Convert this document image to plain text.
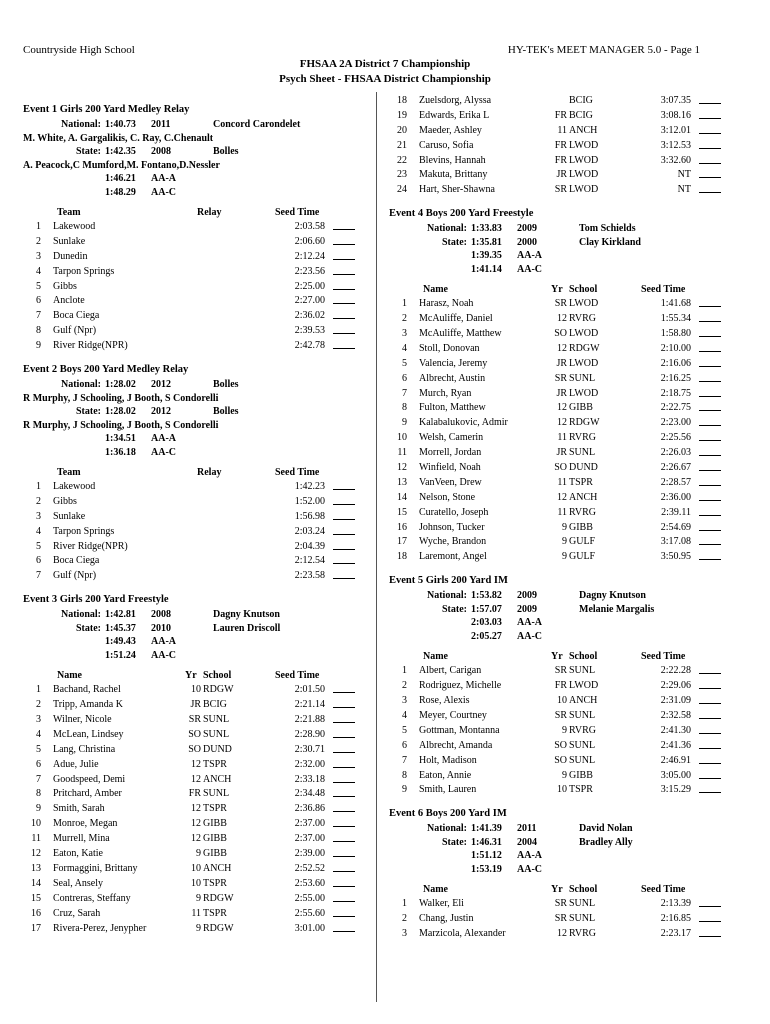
Countryside High School	HY-TEK's MEET MANAGER 5.0 - Page 1
FHSAA 2A District 7 Championship
Psych Sheet - FHSAA District Championship
Event 1 Girls 200 Yard Medley Relay
National: 1:40.73 2011	Concord Carondelet
M. White, A. Gargalikis, C. Ray, C.Chenault
State: 1:42.35 2008	Bolles
A. Peacock,C Mumford,M. Fontano,D.Nessler
1:46.21 AA-A
1:48.29 AA-C
Team	Relay	Seed Time
1 Lakewood	2:03.58
2 Sunlake	2:06.60
3 Dunedin	2:12.24
4 Tarpon Springs	2:23.56
5 Gibbs	2:25.00
6 Anclote	2:27.00
7 Boca Ciega	2:36.02
8 Gulf (Npr)	2:39.53
9 River Ridge(NPR)	2:42.78
Event 2 Boys 200 Yard Medley Relay
National: 1:28.02 2012	Bolles
R Murphy, J Schooling, J Booth, S Condorelli
State: 1:28.02 2012	Bolles
R Murphy, J Schooling, J Booth, S Condorelli
1:34.51 AA-A
1:36.18 AA-C
Team	Relay	Seed Time
1 Lakewood	1:42.23
2 Gibbs	1:52.00
3 Sunlake	1:56.98
4 Tarpon Springs	2:03.24
5 River Ridge(NPR)	2:04.39
6 Boca Ciega	2:12.54
7 Gulf (Npr)	2:23.58
Event 3 Girls 200 Yard Freestyle
National: 1:42.81 2008	Dagny Knutson
State: 1:45.37 2010	Lauren Driscoll
1:49.43 AA-A
1:51.24 AA-C
Name	Yr School	Seed Time
1 Bachand, Rachel	10 RDGW	2:01.50
2 Tripp, Amanda K	JR BCIG	2:21.14
3 Wilner, Nicole	SR SUNL	2:21.88
4 McLean, Lindsey	SO SUNL	2:28.90
5 Lang, Christina	SO DUND	2:30.71
6 Adue, Julie	12 TSPR	2:32.00
7 Goodspeed, Demi	12 ANCH	2:33.18
8 Pritchard, Amber	FR SUNL	2:34.48
9 Smith, Sarah	12 TSPR	2:36.86
10 Monroe, Megan	12 GIBB	2:37.00
11 Murrell, Mina	12 GIBB	2:37.00
12 Eaton, Katie	9 GIBB	2:39.00
13 Formaggini, Brittany	10 ANCH	2:52.52
14 Seal, Ansely	10 TSPR	2:53.60
15 Contreras, Steffany	9 RDGW	2:55.00
16 Cruz, Sarah	11 TSPR	2:55.60
17 Rivera-Perez, Jenypher	9 RDGW	3:01.00
18 Zuelsdorg, Alyssa	BCIG	3:07.35
19 Edwards, Erika L	FR BCIG	3:08.16
20 Maeder, Ashley	11 ANCH	3:12.01
21 Caruso, Sofia	FR LWOD	3:12.53
22 Blevins, Hannah	FR LWOD	3:32.60
23 Makuta, Brittany	JR LWOD	NT
24 Hart, Sher-Shawna	SR LWOD	NT
Event 4 Boys 200 Yard Freestyle
National: 1:33.83 2009	Tom Schields
State: 1:35.81 2000	Clay Kirkland
1:39.35 AA-A
1:41.14 AA-C
Name	Yr School	Seed Time
1 Harasz, Noah	SR LWOD	1:41.68
2 McAuliffe, Daniel	12 RVRG	1:55.34
3 McAuliffe, Matthew	SO LWOD	1:58.80
4 Stoll, Donovan	12 RDGW	2:10.00
5 Valencia, Jeremy	JR LWOD	2:16.06
6 Albrecht, Austin	SR SUNL	2:16.25
7 Murch, Ryan	JR LWOD	2:18.75
8 Fulton, Matthew	12 GIBB	2:22.75
9 Kalabalukovic, Admir	12 RDGW	2:23.00
10 Welsh, Camerin	11 RVRG	2:25.56
11 Morrell, Jordan	JR SUNL	2:26.03
12 Winfield, Noah	SO DUND	2:26.67
13 VanVeen, Drew	11 TSPR	2:28.57
14 Nelson, Stone	12 ANCH	2:36.00
15 Curatello, Joseph	11 RVRG	2:39.11
16 Johnson, Tucker	9 GIBB	2:54.69
17 Wyche, Brandon	9 GULF	3:17.08
18 Laremont, Angel	9 GULF	3:50.95
Event 5 Girls 200 Yard IM
National: 1:53.82 2009	Dagny Knutson
State: 1:57.07 2009	Melanie Margalis
2:03.03 AA-A
2:05.27 AA-C
Name	Yr School	Seed Time
1 Albert, Carigan	SR SUNL	2:22.28
2 Rodriguez, Michelle	FR LWOD	2:29.06
3 Rose, Alexis	10 ANCH	2:31.09
4 Meyer, Courtney	SR SUNL	2:32.58
5 Gottman, Montanna	9 RVRG	2:41.30
6 Albrecht, Amanda	SO SUNL	2:41.36
7 Holt, Madison	SO SUNL	2:46.91
8 Eaton, Annie	9 GIBB	3:05.00
9 Smith, Lauren	10 TSPR	3:15.29
Event 6 Boys 200 Yard IM
National: 1:41.39 2011	David Nolan
State: 1:46.31 2004	Bradley Ally
1:51.12 AA-A
1:53.19 AA-C
Name	Yr School	Seed Time
1 Walker, Eli	SR SUNL	2:13.39
2 Chang, Justin	SR SUNL	2:16.85
3 Marzicola, Alexander	12 RVRG	2:23.17
